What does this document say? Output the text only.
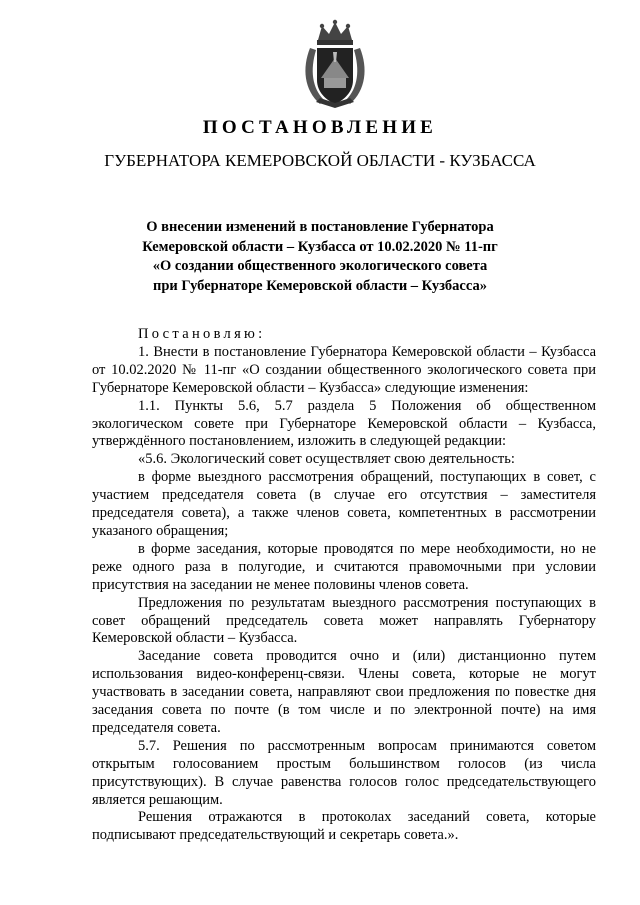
ПОСТАНОВЛЕНИЕ
ГУБЕРНАТОРА КЕМЕРОВСКОЙ ОБЛАСТИ - КУЗБАССА
О внесении изменений в постановление Губернатора
Кемеровской области – Кузбасса от 10.02.2020 № 11-пг
«О создании общественного экологического совета
при Губернаторе Кемеровской области – Кузбасса»

Постановляю:

1. Внести в постановление Губернатора Кемеровской области – Кузбасса от 10.02.2020 № 11-пг «О создании общественного экологического совета при Губернаторе Кемеровской области – Кузбасса» следующие изменения:

1.1. Пункты 5.6, 5.7 раздела 5 Положения об общественном экологическом совете при Губернаторе Кемеровской области – Кузбасса, утверждённого постановлением, изложить в следующей редакции:

«5.6. Экологический совет осуществляет свою деятельность:

в форме выездного рассмотрения обращений, поступающих в совет, с участием председателя совета (в случае его отсутствия – заместителя председателя совета), а также членов совета, компетентных в рассмотрении указаного обращения;

в форме заседания, которые проводятся по мере необходимости, но не реже одного раза в полугодие, и считаются правомочными при условии присутствия на заседании не менее половины членов совета.

Предложения по результатам выездного рассмотрения поступающих в совет обращений председатель совета может направлять Губернатору Кемеровской области – Кузбасса.

Заседание совета проводится очно и (или) дистанционно путем использования видео-конференц-связи. Члены совета, которые не могут участвовать в заседании совета, направляют свои предложения по повестке дня заседания совета по почте (в том числе и по электронной почте) на имя председателя совета.

5.7. Решения по рассмотренным вопросам принимаются советом открытым голосованием простым большинством голосов (из числа присутствующих). В случае равенства голосов голос председательствующего является решающим.

Решения отражаются в протоколах заседаний совета, которые подписывают председательствующий и секретарь совета.».
